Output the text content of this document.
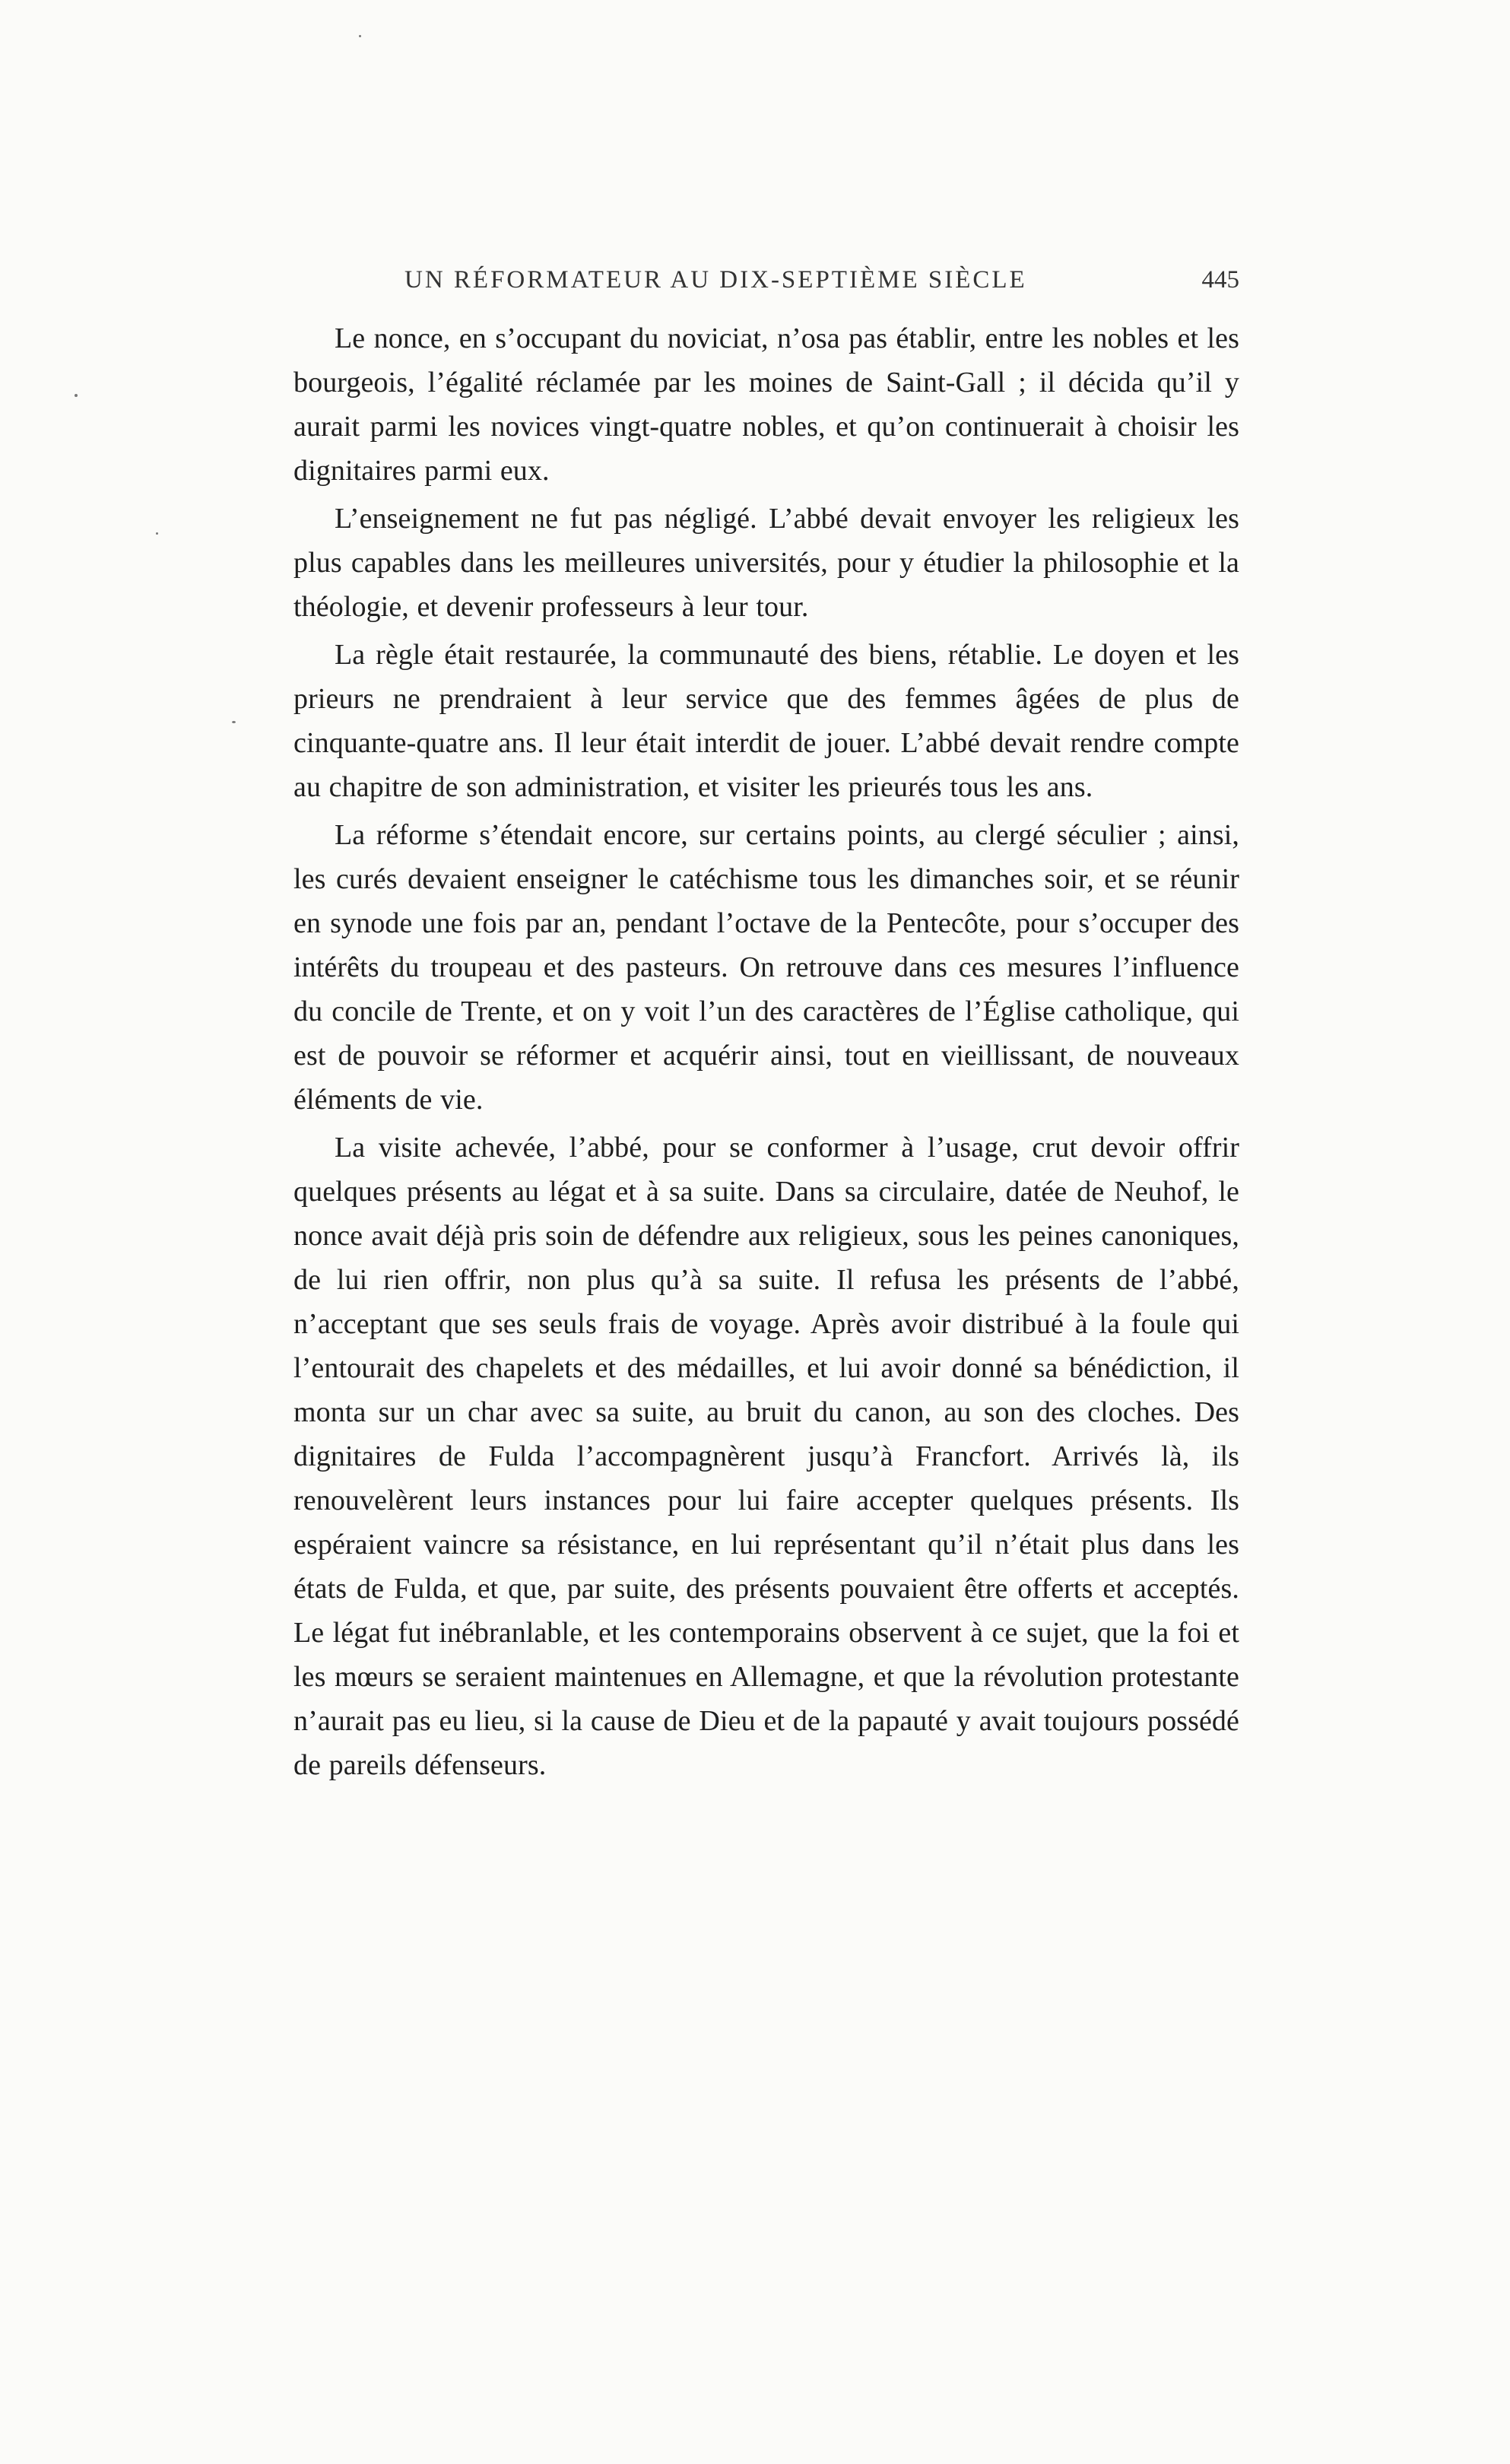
UN RÉFORMATEUR AU DIX-SEPTIÈME SIÈCLE	445

Le nonce, en s’occupant du noviciat, n’osa pas établir, entre les nobles et les bourgeois, l’égalité réclamée par les moines de Saint-Gall ; il décida qu’il y aurait parmi les novices vingt-quatre nobles, et qu’on continuerait à choisir les dignitaires parmi eux.

L’enseignement ne fut pas négligé. L’abbé devait envoyer les religieux les plus capables dans les meilleures universités, pour y étudier la philosophie et la théologie, et devenir professeurs à leur tour.

La règle était restaurée, la communauté des biens, rétablie. Le doyen et les prieurs ne prendraient à leur service que des femmes âgées de plus de cinquante-quatre ans. Il leur était interdit de jouer. L’abbé devait rendre compte au chapitre de son administration, et visiter les prieurés tous les ans.

La réforme s’étendait encore, sur certains points, au clergé séculier ; ainsi, les curés devaient enseigner le catéchisme tous les dimanches soir, et se réunir en synode une fois par an, pendant l’octave de la Pentecôte, pour s’occuper des intérêts du troupeau et des pasteurs. On retrouve dans ces mesures l’influence du concile de Trente, et on y voit l’un des caractères de l’Église catholique, qui est de pouvoir se réformer et acquérir ainsi, tout en vieillissant, de nouveaux éléments de vie.

La visite achevée, l’abbé, pour se conformer à l’usage, crut devoir offrir quelques présents au légat et à sa suite. Dans sa circulaire, datée de Neuhof, le nonce avait déjà pris soin de défendre aux religieux, sous les peines canoniques, de lui rien offrir, non plus qu’à sa suite. Il refusa les présents de l’abbé, n’acceptant que ses seuls frais de voyage. Après avoir distribué à la foule qui l’entourait des chapelets et des médailles, et lui avoir donné sa bénédiction, il monta sur un char avec sa suite, au bruit du canon, au son des cloches. Des dignitaires de Fulda l’accompagnèrent jusqu’à Francfort. Arrivés là, ils renouvelèrent leurs instances pour lui faire accepter quelques présents. Ils espéraient vaincre sa résistance, en lui représentant qu’il n’était plus dans les états de Fulda, et que, par suite, des présents pouvaient être offerts et acceptés. Le légat fut inébranlable, et les contemporains observent à ce sujet, que la foi et les mœurs se seraient maintenues en Allemagne, et que la révolution protestante n’aurait pas eu lieu, si la cause de Dieu et de la papauté y avait toujours possédé de pareils défenseurs.
